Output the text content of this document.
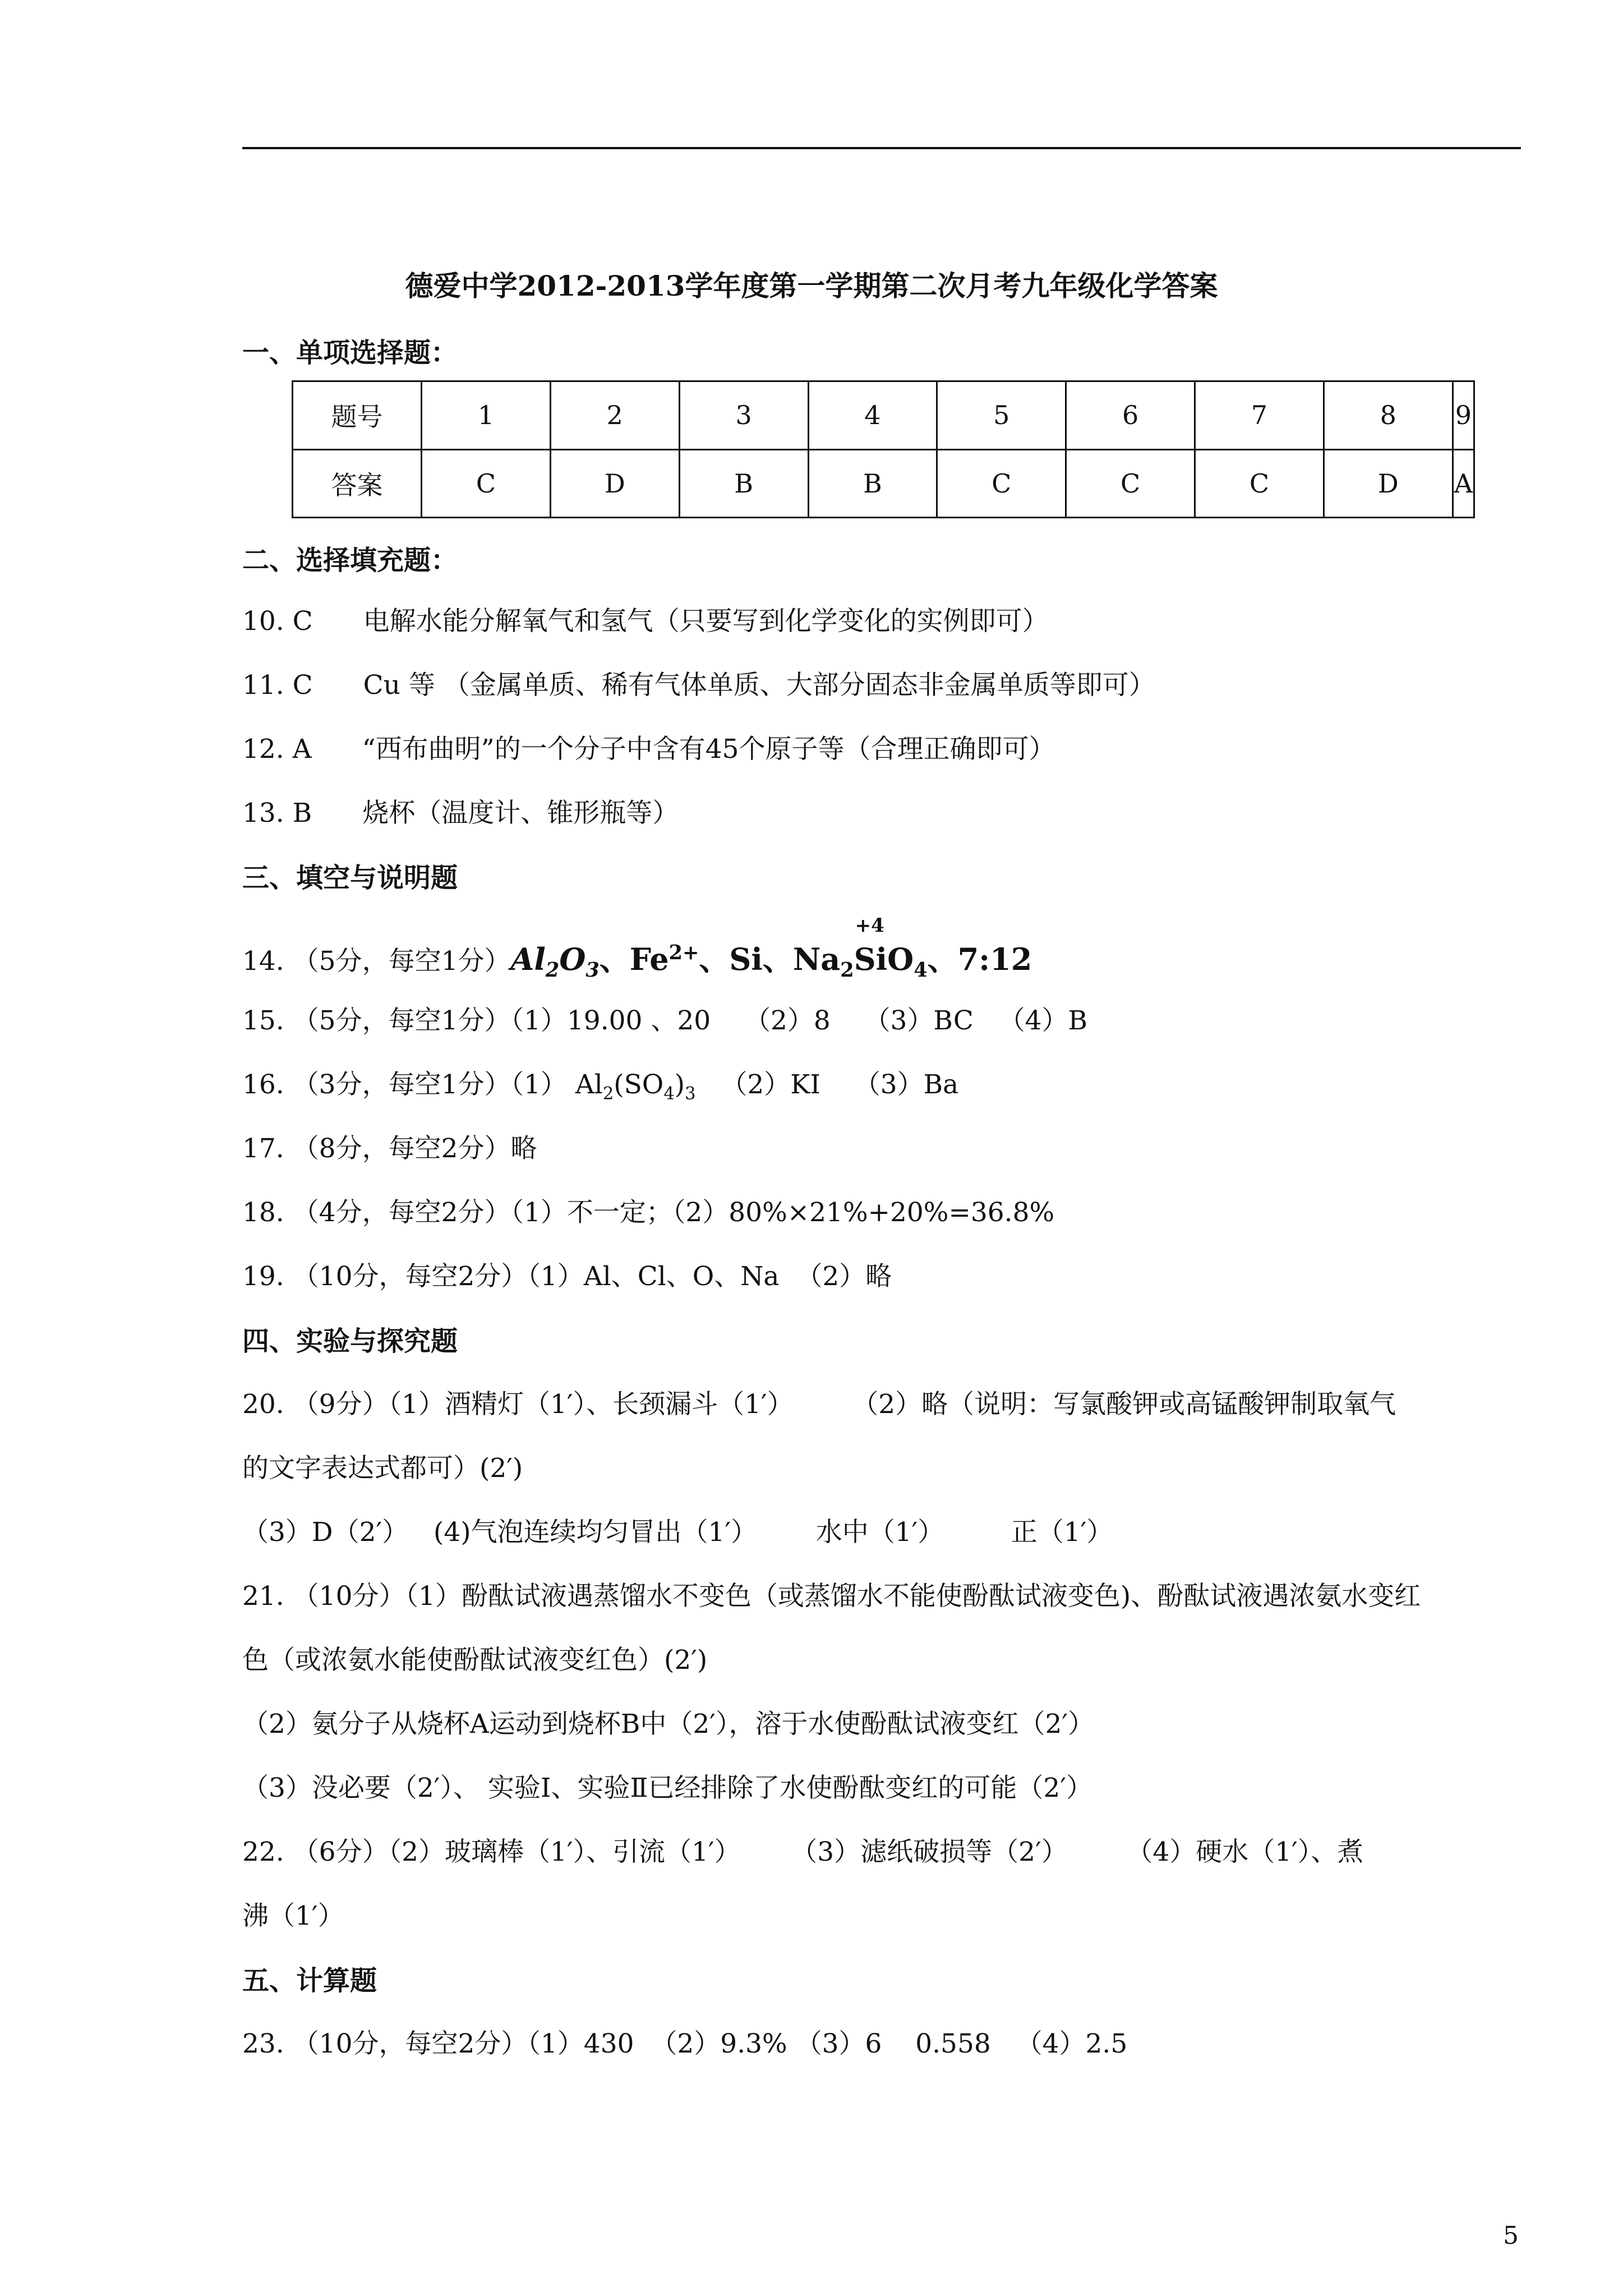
德爱中学2012-2013学年度第一学期第二次月考九年级化学答案
一、单项选择题：
题号	1	2	3	4	5	6	7	8	9
答案	C	D	B	B	C	C	C	D	A
二、选择填充题：
10. C 电解水能分解氧气和氢气（只要写到化学变化的实例即可）
11. C Cu 等 （金属单质、稀有气体单质、大部分固态非金属单质等即可）
12. A “西布曲明”的一个分子中含有45个原子等（合理正确即可）
13. B 烧杯（温度计、锥形瓶等）
三、填空与说明题
14. （5分，每空1分）$Al_2O_3$、$Fe^{2+}$、Si、$Na_2$
+4
SiO$_4$、7:12
15. （5分，每空1分）（1）19.00 、20    （2）8    （3）BC   （4）B
16. （3分，每空1分）（1） $Al_2(SO_4)_3$   （2）KI    （3）Ba
17. （8分，每空2分）略
18. （4分，每空2分）（1）不一定；（2）80%×21%+20%=36.8%
19. （10分，每空2分）（1）Al、Cl、O、Na  （2）略
四、实验与探究题
20. （9分）（1）酒精灯（1′）、长颈漏斗（1′）       （2）略（说明：写氯酸钾或高锰酸钾制取氧气
的文字表达式都可）(2′)
（3）D（2′）   (4)气泡连续均匀冒出（1′）       水中（1′）        正（1′）
21. （10分）（1）酚酞试液遇蒸馏水不变色（或蒸馏水不能使酚酞试液变色)、酚酞试液遇浓氨水变红
色（或浓氨水能使酚酞试液变红色）(2′)
（2）氨分子从烧杯A运动到烧杯B中（2′），溶于水使酚酞试液变红（2′）
（3）没必要（2′）、 实验Ⅰ、实验Ⅱ已经排除了水使酚酞变红的可能（2′）
22. （6分）（2）玻璃棒（1′）、引流（1′）      （3）滤纸破损等（2′）       （4）硬水（1′）、煮
沸（1′）
五、计算题
23. （10分，每空2分）（1）430  （2）9.3% （3）6    0.558   （4）2.5
5
